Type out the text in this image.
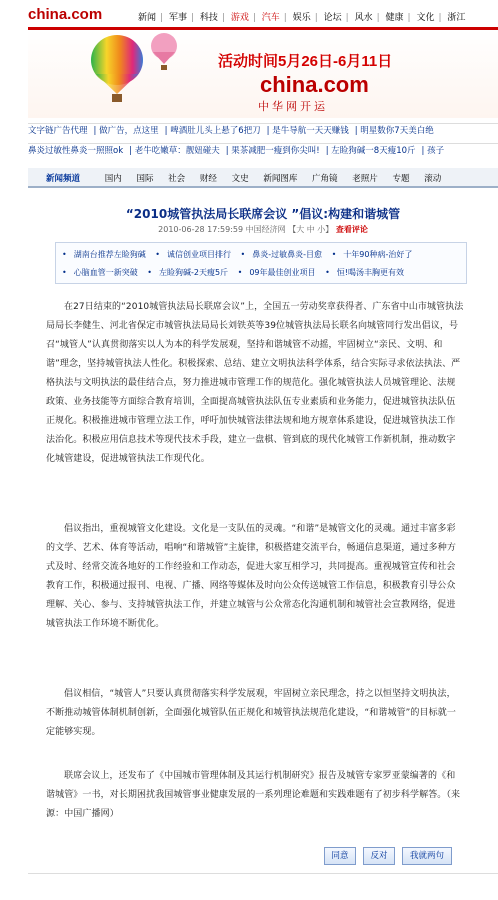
china.com	新闻 | 军事 | 科技 | 游戏 | 汽车 | 娱乐 | 论坛 | 风水 | 健康 | 文化 | 浙江
活动时间5月26日-6月11日
china.com
中华网开运
文字链广告代理 | 做广告，点这里 | 啤酒肚儿头上悬了6把刀 | 是牛导航一天天赚钱 | 明星数你7天美白绝
鼻炎过敏性鼻炎一照照ok | 老牛吃嫩草：靓妞碰夫 | 果茶减肥一瘦到你尖叫! | 左睑狗碱一8天瘦10斤 | 孩子
新闻频道	国内 国际 社会 财经 文史 新闻图库 广角镜 老照片 专题 滚动
“2010城管执法局长联席会议 ”倡议:构建和谐城管
2010-06-28 17:59:59 中国经济网 【大 中 小】 查看评论
• 湖南台推荐左睑狗碱 • 诚信创业项目排行 • 鼻炎-过敏鼻炎-目愈 • 十年90种病-治好了
• 心脑血管一新突破 • 左睑狗碱-2天瘦5斤 • 09年最佳创业项目 • 恒!喝汤丰胸更有效
在27日结束的“2010城管执法局长联席会议”上，全国五一劳动奖章获得者、广东省中山市城管执法局局长李健生、河北省保定市城管执法局局长刘铁英等39位城管执法局长联名向城管同行发出倡议，号召“城管人”认真贯彻落实以人为本的科学发展观，坚持和谐城管不动摇，牢固树立“亲民、文明、和谐”理念，坚持城管执法人性化。积极探索、总结、建立文明执法科学体系，结合实际寻求依法执法、严格执法与文明执法的最佳结合点，努力推进城市管理工作的规范化。强化城管执法人员城管理论、法规政策、业务技能等方面综合教育培训，全面提高城管执法队伍专业素质和业务能力，促进城管执法队伍正规化。积极推进城市管理立法工作，呼吁加快城管法律法规和地方规章体系建设，促进城管执法工作法治化。积极应用信息技术等现代技术手段，建立一盘棋、管到底的现代化城管工作新机制，推动数字化城管建设，促进城管执法工作现代化。
倡议指出，重视城管文化建设。文化是一支队伍的灵魂。“和谐”是城管文化的灵魂。通过丰富多彩的文学、艺术、体育等活动，唱响“和谐城管”主旋律，积极搭建交流平台，畅通信息渠道，通过多种方式及时、经常交流各地好的工作经验和工作动态，促进大家互相学习，共同提高。重视城管宣传和社会教育工作，积极通过报刊、电视、广播、网络等媒体及时向公众传送城管工作信息，积极教育引导公众理解、关心、参与、支持城管执法工作，并建立城管与公众常态化沟通机制和城管社会宣教网络，促进城管执法工作环境不断优化。
倡议相信，“城管人”只要认真贯彻落实科学发展观，牢固树立亲民理念，持之以恒坚持文明执法，不断推动城管体制机制创新，全面强化城管队伍正规化和城管执法规范化建设，“和谐城管”的目标就一定能够实现。
联席会议上，还发布了《中国城市管理体制及其运行机制研究》报告及城管专家罗亚蒙编著的《和谐城管》一书，对长期困扰我国城管事业健康发展的一系列理论难题和实践难题有了初步科学解答。（来源：中国广播网）
同意	反对	我就两句
